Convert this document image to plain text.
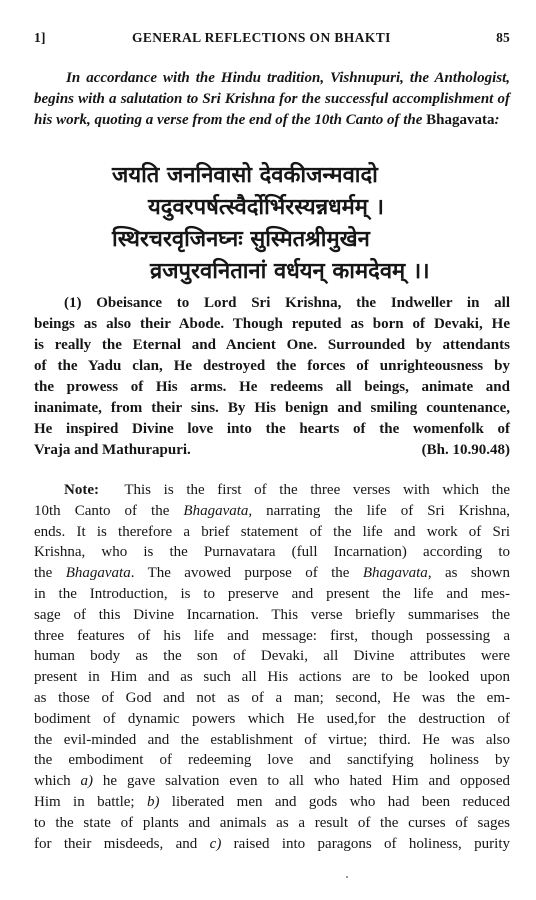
1]	GENERAL REFLECTIONS ON BHAKTI	85

In accordance with the Hindu tradition, Vishnupuri, the Anthologist, begins with a salutation to Sri Krishna for the successful accomplishment of his work, quoting a verse from the end of the 10th Canto of the Bhagavata:

जयति जननिवासो देवकीजन्मवादो
यदुवरपर्षत्स्वैर्दोर्भिरस्यन्नधर्मम् ।
स्थिरचरवृजिनघ्नः सुस्मितश्रीमुखेन
व्रजपुरवनितानां वर्धयन् कामदेवम् ।।
(1) Obeisance to Lord Sri Krishna, the Indweller in all
beings as also their Abode. Though reputed as born of Devaki, He
is really the Eternal and Ancient One. Surrounded by attendants
of the Yadu clan, He destroyed the forces of unrighteousness by
the prowess of His arms. He redeems all beings, animate and
inanimate, from their sins. By His benign and smiling countenance,
He inspired Divine love into the hearts of the womenfolk of
Vraja and Mathurapuri.	(Bh. 10.90.48)
Note: This is the first of the three verses with which the
10th Canto of the Bhagavata, narrating the life of Sri Krishna,
ends. It is therefore a brief statement of the life and work of Sri
Krishna, who is the Purnavatara (full Incarnation) according to
the Bhagavata. The avowed purpose of the Bhagavata, as shown
in the Introduction, is to preserve and present the life and mes-
sage of this Divine Incarnation. This verse briefly summarises the
three features of his life and message: first, though possessing a
human body as the son of Devaki, all Divine attributes were
present in Him and as such all His actions are to be looked upon
as those of God and not as of a man; second, He was the em-
bodiment of dynamic powers which He used,for the destruction of
the evil-minded and the establishment of virtue; third. He was also
the embodiment of redeeming love and sanctifying holiness by
which a) he gave salvation even to all who hated Him and opposed
Him in battle; b) liberated men and gods who had been reduced
to the state of plants and animals as a result of the curses of sages
for their misdeeds, and c) raised into paragons of holiness, purity
